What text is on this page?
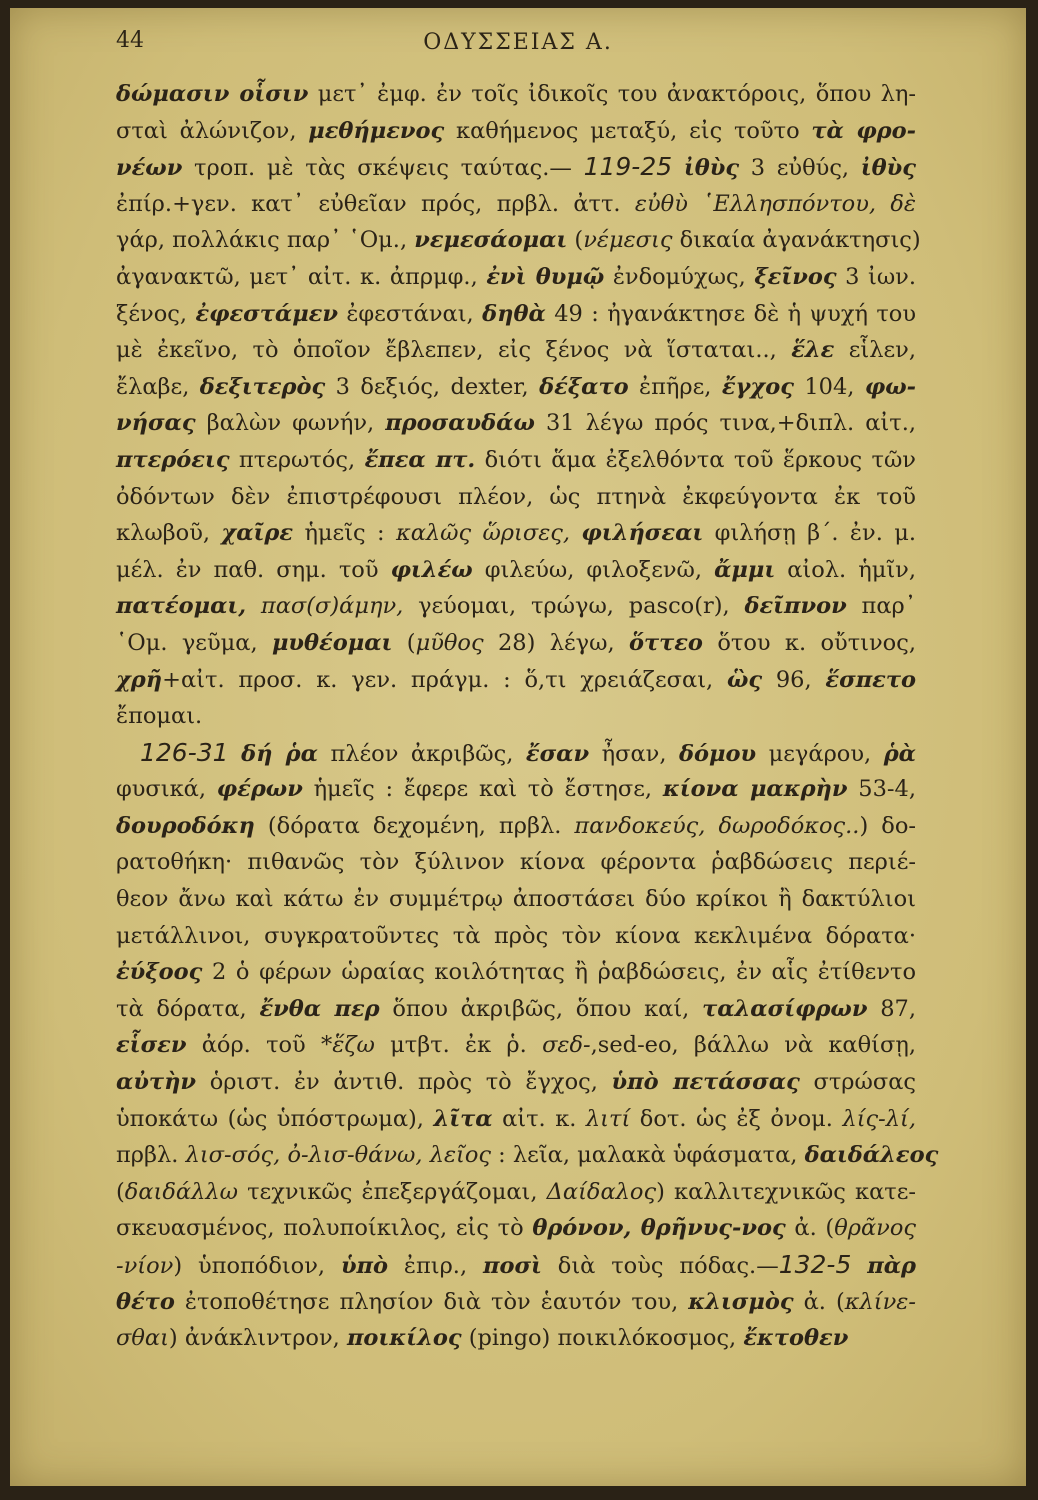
44	ΟΔΥΣΣΕΙΑΣ Α.
δώμασιν οἷσιν μετ᾽ ἐμφ. ἐν τοῖς ἰδικοῖς του ἀνακτόροις, ὅπου λη-
σταὶ ἀλώνιζον, μεθήμενος καθήμενος μεταξύ, εἰς τοῦτο τὰ φρο-
νέων τροπ. μὲ τὰς σκέψεις ταύτας.— 119-25 ἰθὺς 3 εὐθύς, ἰθὺς
ἐπίρ.+γεν. κατ᾽ εὐθεῖαν πρός, πρβλ. ἀττ. εὐθὺ ῾Ελλησπόντου, δὲ
γάρ, πολλάκις παρ᾽ ῾Ομ., νεμεσάομαι (νέμεσις δικαία ἀγανάκτησις)
ἀγανακτῶ, μετ᾽ αἰτ. κ. ἀπρμφ., ἐνὶ θυμῷ ἐνδομύχως, ξεῖνος 3 ἰων.
ξένος, ἐφεστάμεν ἐφεστάναι, δηθὰ 49 : ἠγανάκτησε δὲ ἡ ψυχή του
μὲ ἐκεῖνο, τὸ ὁποῖον ἔβλεπεν, εἰς ξένος νὰ ἵσταται.., ἕλε εἷλεν,
ἔλαβε, δεξιτερὸς 3 δεξιός, dexter, δέξατο ἐπῆρε, ἔγχος 104, φω-
νήσας βαλὼν φωνήν, προσαυδάω 31 λέγω πρός τινα,+διπλ. αἰτ.,
πτερόεις πτερωτός, ἔπεα πτ. διότι ἅμα ἐξελθόντα τοῦ ἕρκους τῶν
ὀδόντων δὲν ἐπιστρέφουσι πλέον, ὡς πτηνὰ ἐκφεύγοντα ἐκ τοῦ
κλωβοῦ, χαῖρε ἡμεῖς : καλῶς ὥρισες, φιλήσεαι φιλήσῃ β΄. ἐν. μ.
μέλ. ἐν παθ. σημ. τοῦ φιλέω φιλεύω, φιλοξενῶ, ἄμμι αἰολ. ἡμῖν,
πατέομαι, πασ(σ)άμην, γεύομαι, τρώγω, pasco(r), δεῖπνον παρ᾽
῾Ομ. γεῦμα, μυθέομαι (μῦθος 28) λέγω, ὅττεο ὅτου κ. οὔτινος,
χρῆ+αἰτ. προσ. κ. γεν. πράγμ. : ὅ,τι χρειάζεσαι, ὣς 96, ἕσπετο
ἔπομαι.
126-31 δή ῥα πλέον ἀκριβῶς, ἔσαν ἦσαν, δόμου μεγάρου, ῥὰ
φυσικά, φέρων ἡμεῖς : ἔφερε καὶ τὸ ἔστησε, κίονα μακρὴν 53-4,
δουροδόκη (δόρατα δεχομένη, πρβλ. πανδοκεύς, δωροδόκος..) δο-
ρατοθήκη· πιθανῶς τὸν ξύλινον κίονα φέροντα ῥαβδώσεις περιέ-
θεον ἄνω καὶ κάτω ἐν συμμέτρῳ ἀποστάσει δύο κρίκοι ἢ δακτύλιοι
μετάλλινοι, συγκρατοῦντες τὰ πρὸς τὸν κίονα κεκλιμένα δόρατα·
ἐύξοος 2 ὁ φέρων ὡραίας κοιλότητας ἢ ῥαβδώσεις, ἐν αἷς ἐτίθεντο
τὰ δόρατα, ἔνθα περ ὅπου ἀκριβῶς, ὅπου καί, ταλασίφρων 87,
εἷσεν ἀόρ. τοῦ *ἕζω μτβτ. ἐκ ῥ. σεδ-,sed-eo, βάλλω νὰ καθίσῃ,
αὐτὴν ὁριστ. ἐν ἀντιθ. πρὸς τὸ ἔγχος, ὑπὸ πετάσσας στρώσας
ὑποκάτω (ὡς ὑπόστρωμα), λῖτα αἰτ. κ. λιτί δοτ. ὡς ἐξ ὀνομ. λίς-λί,
πρβλ. λισ-σός, ὀ-λισ-θάνω, λεῖος : λεῖα, μαλακὰ ὑφάσματα, δαιδάλεος
(δαιδάλλω τεχνικῶς ἐπεξεργάζομαι, Δαίδαλος) καλλιτεχνικῶς κατε-
σκευασμένος, πολυποίκιλος, εἰς τὸ θρόνον, θρῆνυς-νος ἀ. (θρᾶνος
-νίον) ὑποπόδιον, ὑπὸ ἐπιρ., ποσὶ διὰ τοὺς πόδας.—132-5 πὰρ
θέτο ἐτοποθέτησε πλησίον διὰ τὸν ἑαυτόν του, κλισμὸς ἀ. (κλίνε-
σθαι) ἀνάκλιντρον, ποικίλος (pingo) ποικιλόκοσμος, ἔκτοθεν
